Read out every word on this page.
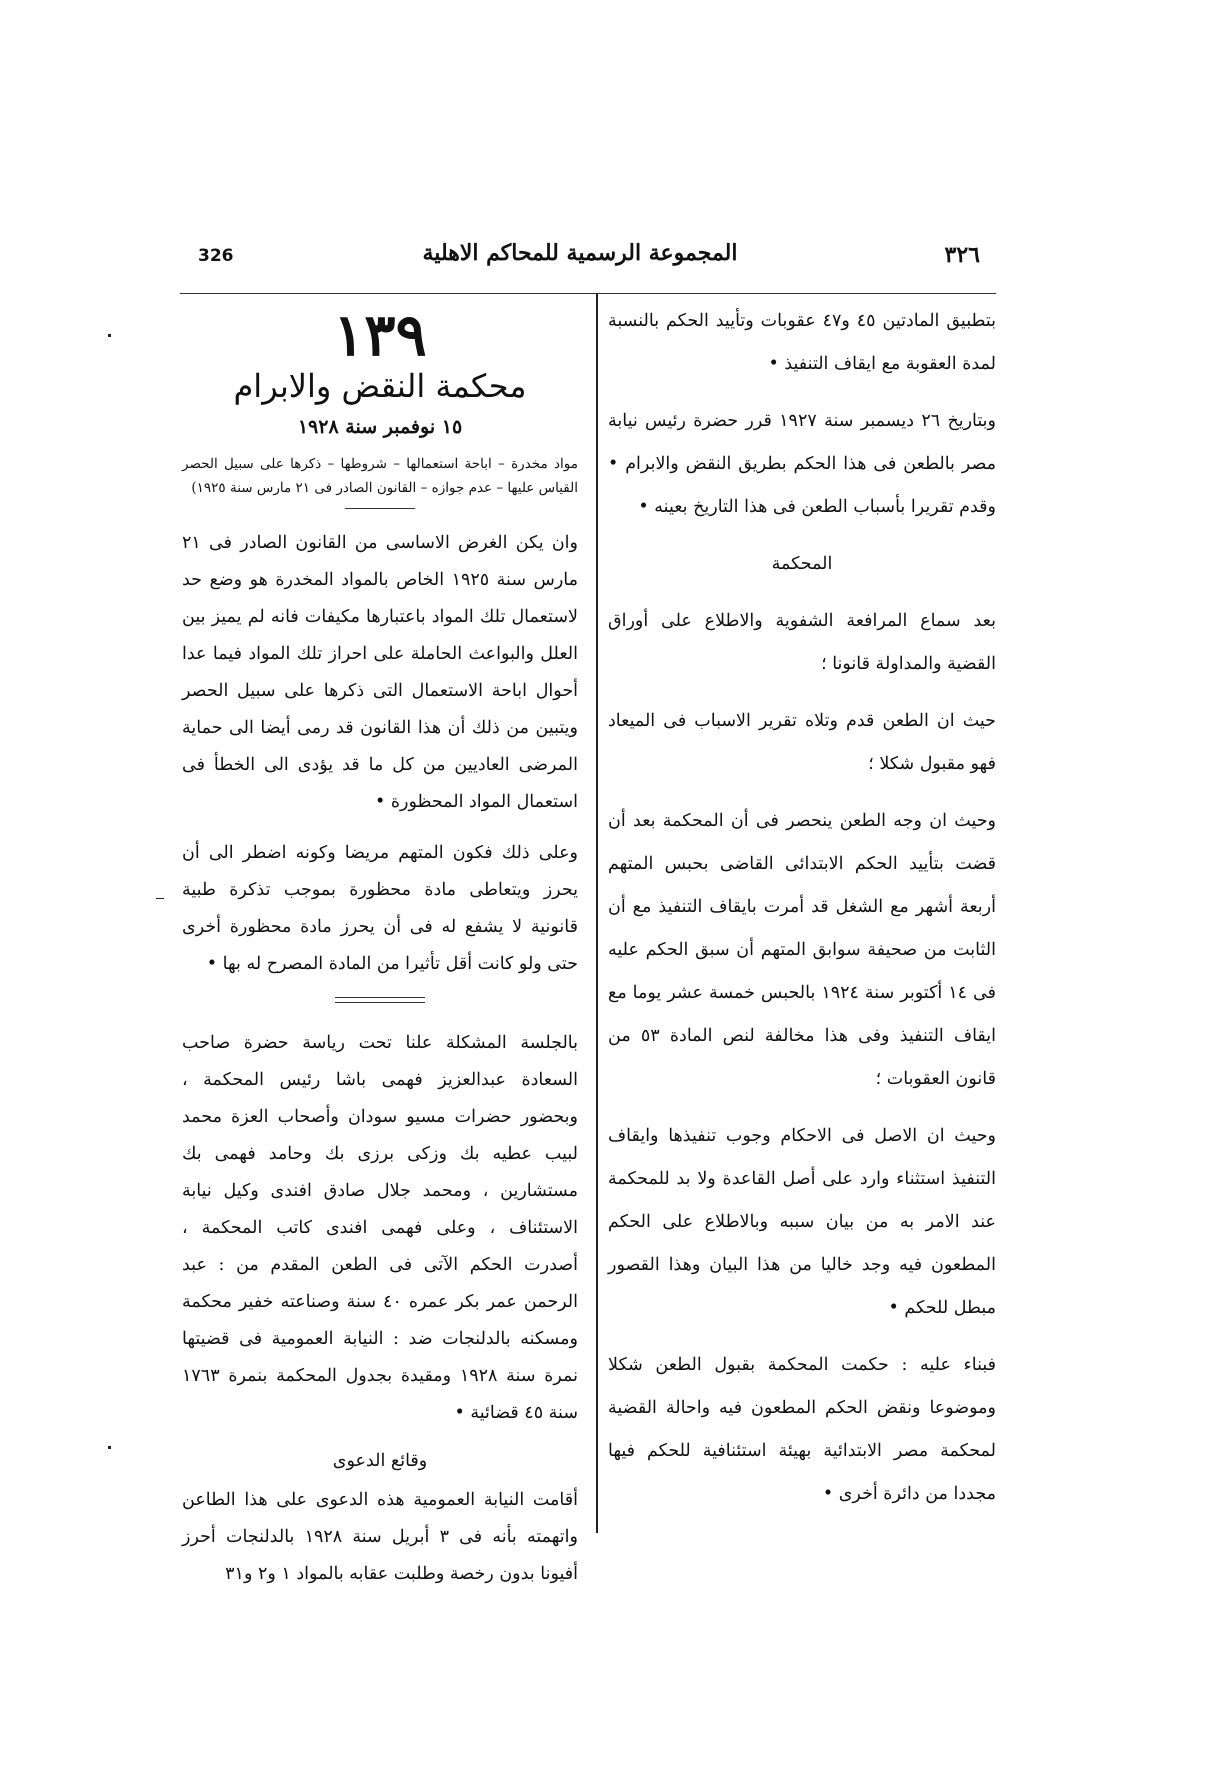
326	المجموعة الرسمية للمحاكم الاهلية	٣٢٦

بتطبيق المادتين ٤٥ و٤٧ عقوبات وتأييد الحكم بالنسبة لمدة العقوبة مع ايقاف التنفيذ •

وبتاريخ ٢٦ ديسمبر سنة ١٩٢٧ قرر حضرة رئيس نيابة مصر بالطعن فى هذا الحكم بطريق النقض والابرام • وقدم تقريرا بأسباب الطعن فى هذا التاريخ بعينه •

المحكمة

بعد سماع المرافعة الشفوية والاطلاع على أوراق القضية والمداولة قانونا ؛

حيث ان الطعن قدم وتلاه تقرير الاسباب فى الميعاد فهو مقبول شكلا ؛

وحيث ان وجه الطعن ينحصر فى أن المحكمة بعد أن قضت بتأييد الحكم الابتدائى القاضى بحبس المتهم أربعة أشهر مع الشغل قد أمرت بايقاف التنفيذ مع أن الثابت من صحيفة سوابق المتهم أن سبق الحكم عليه فى ١٤ أكتوبر سنة ١٩٢٤ بالحبس خمسة عشر يوما مع ايقاف التنفيذ وفى هذا مخالفة لنص المادة ٥٣ من قانون العقوبات ؛

وحيث ان الاصل فى الاحكام وجوب تنفيذها وايقاف التنفيذ استثناء وارد على أصل القاعدة ولا بد للمحكمة عند الامر به من بيان سببه وبالاطلاع على الحكم المطعون فيه وجد خاليا من هذا البيان وهذا القصور مبطل للحكم •

فبناء عليه : حكمت المحكمة بقبول الطعن شكلا وموضوعا ونقض الحكم المطعون فيه واحالة القضية لمحكمة مصر الابتدائية بهيئة استئنافية للحكم فيها مجددا من دائرة أخرى •

١٣٩
محكمة النقض والابرام
١٥ نوفمبر سنة ١٩٢٨
مواد مخدرة – اباحة استعمالها – شروطها – ذكرها على سبيل الحصر القياس عليها – عدم جوازه – القانون الصادر فى ٢١ مارس سنة ١٩٢٥)

وان يكن الغرض الاساسى من القانون الصادر فى ٢١ مارس سنة ١٩٢٥ الخاص بالمواد المخدرة هو وضع حد لاستعمال تلك المواد باعتبارها مكيفات فانه لم يميز بين العلل والبواعث الحاملة على احراز تلك المواد فيما عدا أحوال اباحة الاستعمال التى ذكرها على سبيل الحصر ويتبين من ذلك أن هذا القانون قد رمى أيضا الى حماية المرضى العاديين من كل ما قد يؤدى الى الخطأ فى استعمال المواد المحظورة •

وعلى ذلك فكون المتهم مريضا وكونه اضطر الى أن يحرز ويتعاطى مادة محظورة بموجب تذكرة طبية قانونية لا يشفع له فى أن يحرز مادة محظورة أخرى حتى ولو كانت أقل تأثيرا من المادة المصرح له بها •

بالجلسة المشكلة علنا تحت رياسة حضرة صاحب السعادة عبدالعزيز فهمى باشا رئيس المحكمة ، وبحضور حضرات مسيو سودان وأصحاب العزة محمد لبيب عطيه بك وزكى برزى بك وحامد فهمى بك مستشارين ، ومحمد جلال صادق افندى وكيل نيابة الاستئناف ، وعلى فهمى افندى كاتب المحكمة ، أصدرت الحكم الآتى فى الطعن المقدم من : عبد الرحمن عمر بكر عمره ٤٠ سنة وصناعته خفير محكمة ومسكنه بالدلنجات ضد : النيابة العمومية فى قضيتها نمرة سنة ١٩٢٨ ومقيدة بجدول المحكمة بنمرة ١٧٦٣ سنة ٤٥ قضائية •

وقائع الدعوى

أقامت النيابة العمومية هذه الدعوى على هذا الطاعن واتهمته بأنه فى ٣ أبريل سنة ١٩٢٨ بالدلنجات أحرز أفيونا بدون رخصة وطلبت عقابه بالمواد ١ و٢ و٣١
